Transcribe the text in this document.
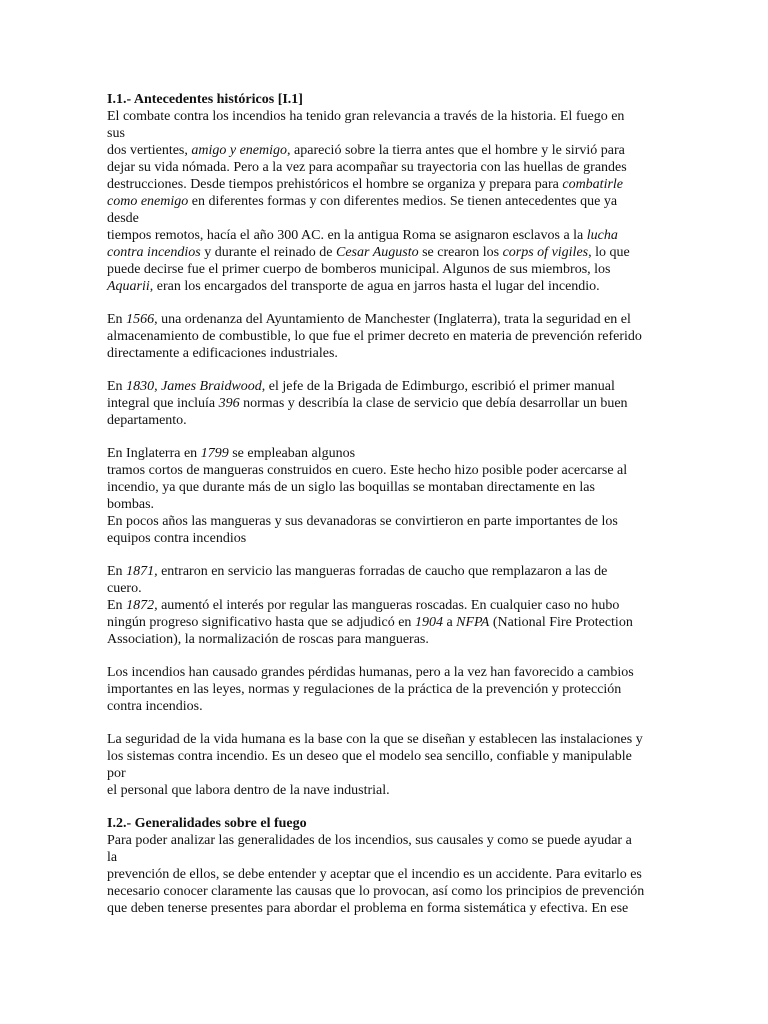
I.1.- Antecedentes históricos [I.1]
El combate contra los incendios ha tenido gran relevancia a través de la historia. El fuego en
sus
dos vertientes, amigo y enemigo, apareció sobre la tierra antes que el hombre y le sirvió para
dejar su vida nómada. Pero a la vez para acompañar su trayectoria con las huellas de grandes
destrucciones. Desde tiempos prehistóricos el hombre se organiza y prepara para combatirle
como enemigo en diferentes formas y con diferentes medios. Se tienen antecedentes que ya
desde
tiempos remotos, hacía el año 300 AC. en la antigua Roma se asignaron esclavos a la lucha
contra incendios y durante el reinado de Cesar Augusto se crearon los corps of vigiles, lo que
puede decirse fue el primer cuerpo de bomberos municipal. Algunos de sus miembros, los
Aquarii, eran los encargados del transporte de agua en jarros hasta el lugar del incendio.

En 1566, una ordenanza del Ayuntamiento de Manchester (Inglaterra), trata la seguridad en el
almacenamiento de combustible, lo que fue el primer decreto en materia de prevención referido
directamente a edificaciones industriales.

En 1830, James Braidwood, el jefe de la Brigada de Edimburgo, escribió el primer manual
integral que incluía 396 normas y describía la clase de servicio que debía desarrollar un buen
departamento.

En Inglaterra en 1799 se empleaban algunos
tramos cortos de mangueras construidos en cuero. Este hecho hizo posible poder acercarse al
incendio, ya que durante más de un siglo las boquillas se montaban directamente en las
bombas.
En pocos años las mangueras y sus devanadoras se convirtieron en parte importantes de los
equipos contra incendios

En 1871, entraron en servicio las mangueras forradas de caucho que remplazaron a las de
cuero.
En 1872, aumentó el interés por regular las mangueras roscadas. En cualquier caso no hubo
ningún progreso significativo hasta que se adjudicó en 1904 a NFPA (National Fire Protection
Association), la normalización de roscas para mangueras.

Los incendios han causado grandes pérdidas humanas, pero a la vez han favorecido a cambios
importantes en las leyes, normas y regulaciones de la práctica de la prevención y protección
contra incendios.

La seguridad de la vida humana es la base con la que se diseñan y establecen las instalaciones y
los sistemas contra incendio. Es un deseo que el modelo sea sencillo, confiable y manipulable
por
el personal que labora dentro de la nave industrial.

I.2.- Generalidades sobre el fuego
Para poder analizar las generalidades de los incendios, sus causales y como se puede ayudar a
la
prevención de ellos, se debe entender y aceptar que el incendio es un accidente. Para evitarlo es
necesario conocer claramente las causas que lo provocan, así como los principios de prevención
que deben tenerse presentes para abordar el problema en forma sistemática y efectiva. En ese
